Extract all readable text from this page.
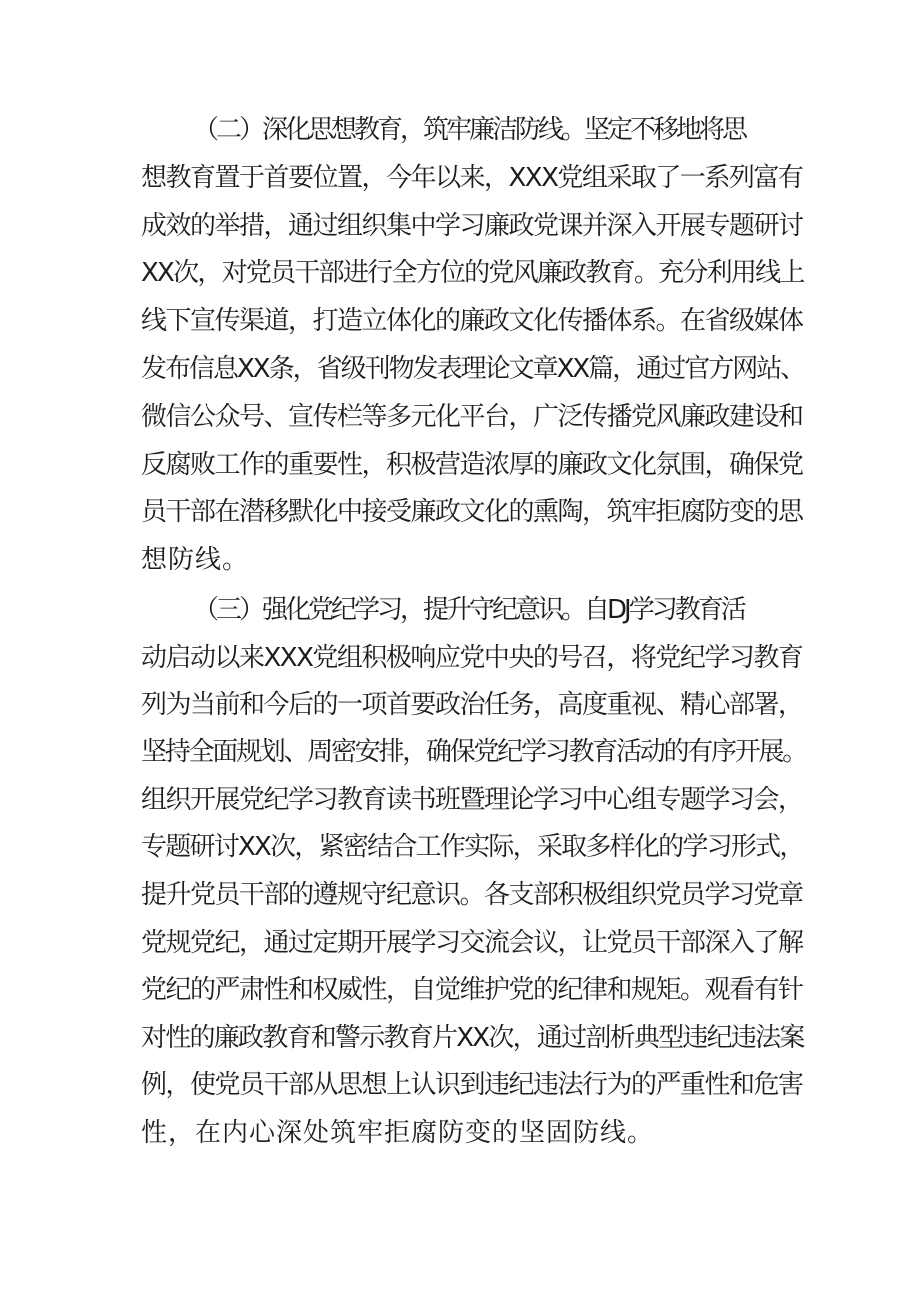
（二）深化思想教育，筑牢廉洁防线。坚定不移地将思

想教育置于首要位置，今年以来，XXX党组采取了一系列富有

成效的举措，通过组织集中学习廉政党课并深入开展专题研讨

XX次，对党员干部进行全方位的党风廉政教育。充分利用线上

线下宣传渠道，打造立体化的廉政文化传播体系。在省级媒体

发布信息XX条，省级刊物发表理论文章XX篇，通过官方网站、

微信公众号、宣传栏等多元化平台，广泛传播党风廉政建设和

反腐败工作的重要性，积极营造浓厚的廉政文化氛围，确保党

员干部在潜移默化中接受廉政文化的熏陶，筑牢拒腐防变的思

想防线。

（三）强化党纪学习，提升守纪意识。自DJ学习教育活

动启动以来XXX党组积极响应党中央的号召，将党纪学习教育

列为当前和今后的一项首要政治任务，高度重视、精心部署，

坚持全面规划、周密安排，确保党纪学习教育活动的有序开展。

组织开展党纪学习教育读书班暨理论学习中心组专题学习会，

专题研讨XX次，紧密结合工作实际，采取多样化的学习形式，

提升党员干部的遵规守纪意识。各支部积极组织党员学习党章

党规党纪，通过定期开展学习交流会议，让党员干部深入了解

党纪的严肃性和权威性，自觉维护党的纪律和规矩。观看有针

对性的廉政教育和警示教育片XX次，通过剖析典型违纪违法案

例，使党员干部从思想上认识到违纪违法行为的严重性和危害

性，在内心深处筑牢拒腐防变的坚固防线。
